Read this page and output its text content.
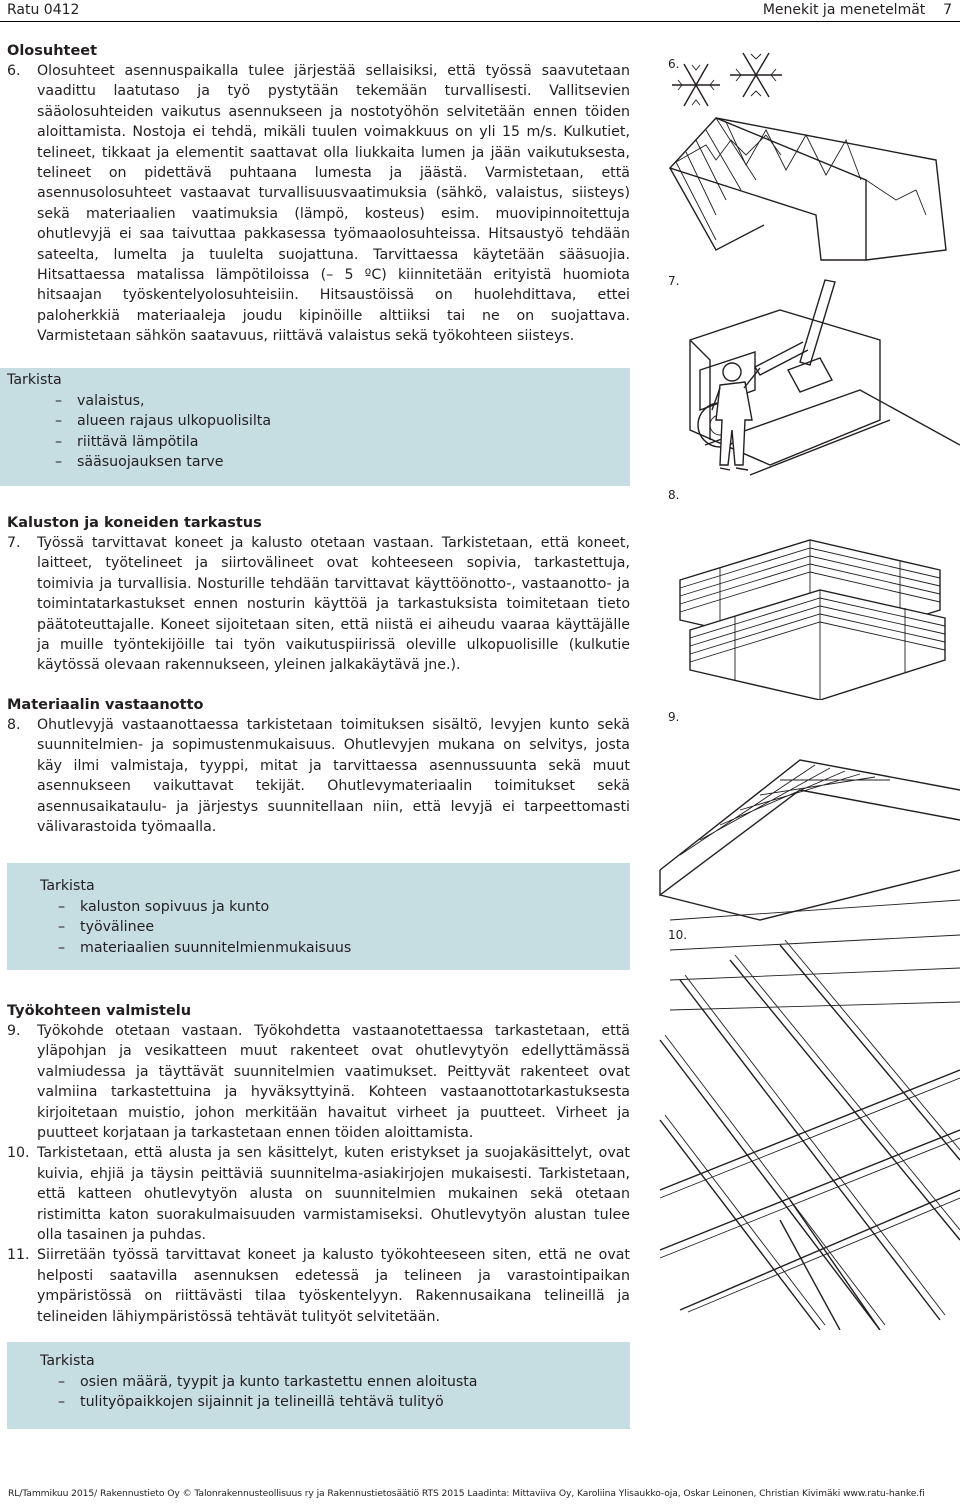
Ratu 0412	Menekit ja menetelmät    7

Olosuhteet

6. Olosuhteet asennuspaikalla tulee järjestää sellaisiksi, että työssä saavutetaan vaadittu laatutaso ja työ pystytään tekemään turvallisesti. Vallitsevien sääolosuhteiden vaikutus asennukseen ja nostotyöhön selvitetään ennen töiden aloittamista. Nostoja ei tehdä, mikäli tuulen voimakkuus on yli 15 m/s. Kulkutiet, telineet, tikkaat ja elementit saattavat olla liukkaita lumen ja jään vaikutuksesta, telineet on pidettävä puhtaana lumesta ja jäästä. Varmistetaan, että asennusolosuhteet vastaavat turvallisuusvaatimuksia (sähkö, valaistus, siisteys) sekä materiaalien vaatimuksia (lämpö, kosteus) esim. muovipinnoitettuja ohutlevyjä ei saa taivuttaa pakkasessa työmaaolosuhteissa. Hitsaustyö tehdään sateelta, lumelta ja tuulelta suojattuna. Tarvittaessa käytetään sääsuojia. Hitsattaessa matalissa lämpötiloissa (– 5 ºC) kiinnitetään erityistä huomiota hitsaajan työskentelyolosuhteisiin. Hitsaustöissä on huolehdittava, ettei paloherkkiä materiaaleja joudu kipinöille alttiiksi tai ne on suojattava. Varmistetaan sähkön saatavuus, riittävä valaistus sekä työkohteen siisteys.

Tarkista
– valaistus,
– alueen rajaus ulkopuolisilta
– riittävä lämpötila
– sääsuojauksen tarve

Kaluston ja koneiden tarkastus

7. Työssä tarvittavat koneet ja kalusto otetaan vastaan. Tarkistetaan, että koneet, laitteet, työtelineet ja siirtovälineet ovat kohteeseen sopivia, tarkastettuja, toimivia ja turvallisia. Nosturille tehdään tarvittavat käyttöönotto-, vastaanotto- ja toimintatarkastukset ennen nosturin käyttöä ja tarkastuksista toimitetaan tieto päätoteuttajalle. Koneet sijoitetaan siten, että niistä ei aiheudu vaaraa käyttäjälle ja muille työntekijöille tai työn vaikutuspiirissä oleville ulkopuolisille (kulkutie käytössä olevaan rakennukseen, yleinen jalkakäytävä jne.).

Materiaalin vastaanotto

8. Ohutlevyjä vastaanottaessa tarkistetaan toimituksen sisältö, levyjen kunto sekä suunnitelmien- ja sopimustenmukaisuus. Ohutlevyjen mukana on selvitys, josta käy ilmi valmistaja, tyyppi, mitat ja tarvittaessa asennussuunta sekä muut asennukseen vaikuttavat tekijät. Ohutlevymateriaalin toimitukset sekä asennusaikataulu- ja järjestys suunnitellaan niin, että levyjä ei tarpeettomasti välivarastoida työmaalla.

Tarkista
– kaluston sopivuus ja kunto
– työvälinee
– materiaalien suunnitelmienmukaisuus

Työkohteen valmistelu

9. Työkohde otetaan vastaan. Työkohdetta vastaanotettaessa tarkastetaan, että yläpohjan ja vesikatteen muut rakenteet ovat ohutlevytyön edellyttämässä valmiudessa ja täyttävät suunnitelmien vaatimukset. Peittyvät rakenteet ovat valmiina tarkastettuina ja hyväksyttyinä. Kohteen vastaanottotarkastuksesta kirjoitetaan muistio, johon merkitään havaitut virheet ja puutteet. Virheet ja puutteet korjataan ja tarkastetaan ennen töiden aloittamista.

10. Tarkistetaan, että alusta ja sen käsittelyt, kuten eristykset ja suojakäsittelyt, ovat kuivia, ehjiä ja täysin peittäviä suunnitelma-asiakirjojen mukaisesti. Tarkistetaan, että katteen ohutlevytyön alusta on suunnitelmien mukainen sekä otetaan ristimitta katon suorakulmaisuuden varmistamiseksi. Ohutlevytyön alustan tulee olla tasainen ja puhdas.

11. Siirretään työssä tarvittavat koneet ja kalusto työkohteeseen siten, että ne ovat helposti saatavilla asennuksen edetessä ja telineen ja varastointipaikan ympäristössä on riittävästi tilaa työskentelyyn. Rakennusaikana telineillä ja telineiden lähiympäristössä tehtävät tulityöt selvitetään.

Tarkista
– osien määrä, tyypit ja kunto tarkastettu ennen aloitusta
– tulityöpaikkojen sijainnit ja telineillä tehtävä tulityö
6.
7.
8.
9.
10.
RL/Tammikuu 2015/ Rakennustieto Oy © Talonrakennusteollisuus ry ja Rakennustietosäätiö RTS 2015 Laadinta: Mittaviiva Oy, Karoliina Ylisaukko-oja, Oskar Leinonen, Christian Kivimäki www.ratu-hanke.fi
